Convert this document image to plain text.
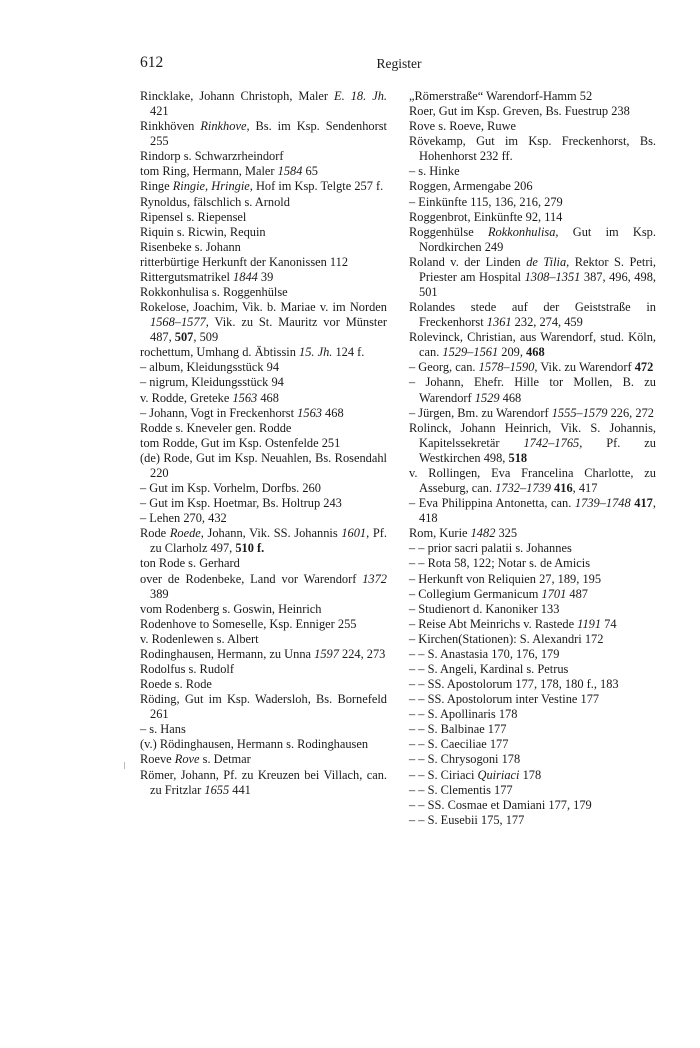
612	Register

Rincklake, Johann Christoph, Maler E. 18. Jh. 421

Rinkhöven Rinkhove, Bs. im Ksp. Sendenhorst 255

Rindorp s. Schwarzrheindorf

tom Ring, Hermann, Maler 1584 65

Ringe Ringie, Hringie, Hof im Ksp. Telgte 257 f.

Rynoldus, fälschlich s. Arnold

Ripensel s. Riepensel

Riquin s. Ricwin, Requin

Risenbeke s. Johann

ritterbürtige Herkunft der Kanonissen 112

Rittergutsmatrikel 1844 39

Rokkonhulisa s. Roggenhülse

Rokelose, Joachim, Vik. b. Mariae v. im Norden 1568–1577, Vik. zu St. Mauritz vor Münster 487, 507, 509

rochettum, Umhang d. Äbtissin 15. Jh. 124 f.

– album, Kleidungsstück 94

– nigrum, Kleidungsstück 94

v. Rodde, Greteke 1563 468

– Johann, Vogt in Freckenhorst 1563 468

Rodde s. Kneveler gen. Rodde

tom Rodde, Gut im Ksp. Ostenfelde 251

(de) Rode, Gut im Ksp. Neuahlen, Bs. Rosendahl 220

– Gut im Ksp. Vorhelm, Dorfbs. 260

– Gut im Ksp. Hoetmar, Bs. Holtrup 243

– Lehen 270, 432

Rode Roede, Johann, Vik. SS. Johannis 1601, Pf. zu Clarholz 497, 510 f.

ton Rode s. Gerhard

over de Rodenbeke, Land vor Warendorf 1372 389

vom Rodenberg s. Goswin, Heinrich

Rodenhove to Someselle, Ksp. Enniger 255

v. Rodenlewen s. Albert

Rodinghausen, Hermann, zu Unna 1597 224, 273

Rodolfus s. Rudolf

Roede s. Rode

Röding, Gut im Ksp. Wadersloh, Bs. Bornefeld 261

– s. Hans

(v.) Rödinghausen, Hermann s. Rodinghausen

Roeve Rove s. Detmar

Römer, Johann, Pf. zu Kreuzen bei Villach, can. zu Fritzlar 1655 441

„Römerstraße“ Warendorf-Hamm 52

Roer, Gut im Ksp. Greven, Bs. Fuestrup 238

Rove s. Roeve, Ruwe

Rövekamp, Gut im Ksp. Freckenhorst, Bs. Hohenhorst 232 ff.

– s. Hinke

Roggen, Armengabe 206

– Einkünfte 115, 136, 216, 279

Roggenbrot, Einkünfte 92, 114

Roggenhülse Rokkonhulisa, Gut im Ksp. Nordkirchen 249

Roland v. der Linden de Tilia, Rektor S. Petri, Priester am Hospital 1308–1351 387, 496, 498, 501

Rolandes stede auf der Geiststraße in Freckenhorst 1361 232, 274, 459

Rolevinck, Christian, aus Warendorf, stud. Köln, can. 1529–1561 209, 468

– Georg, can. 1578–1590, Vik. zu Warendorf 472

– Johann, Ehefr. Hille tor Mollen, B. zu Warendorf 1529 468

– Jürgen, Bm. zu Warendorf 1555–1579 226, 272

Rolinck, Johann Heinrich, Vik. S. Johannis, Kapitelssekretär 1742–1765, Pf. zu Westkirchen 498, 518

v. Rollingen, Eva Francelina Charlotte, zu Asseburg, can. 1732–1739 416, 417

– Eva Philippina Antonetta, can. 1739–1748 417, 418

Rom, Kurie 1482 325

– – prior sacri palatii s. Johannes

– – Rota 58, 122; Notar s. de Amicis

– Herkunft von Reliquien 27, 189, 195

– Collegium Germanicum 1701 487

– Studienort d. Kanoniker 133

– Reise Abt Meinrichs v. Rastede 1191 74

– Kirchen(Stationen): S. Alexandri 172

– – S. Anastasia 170, 176, 179

– – S. Angeli, Kardinal s. Petrus

– – SS. Apostolorum 177, 178, 180 f., 183

– – SS. Apostolorum inter Vestine 177

– – S. Apollinaris 178

– – S. Balbinae 177

– – S. Caeciliae 177

– – S. Chrysogoni 178

– – S. Ciriaci Quiriaci 178

– – S. Clementis 177

– – SS. Cosmae et Damiani 177, 179

– – S. Eusebii 175, 177
